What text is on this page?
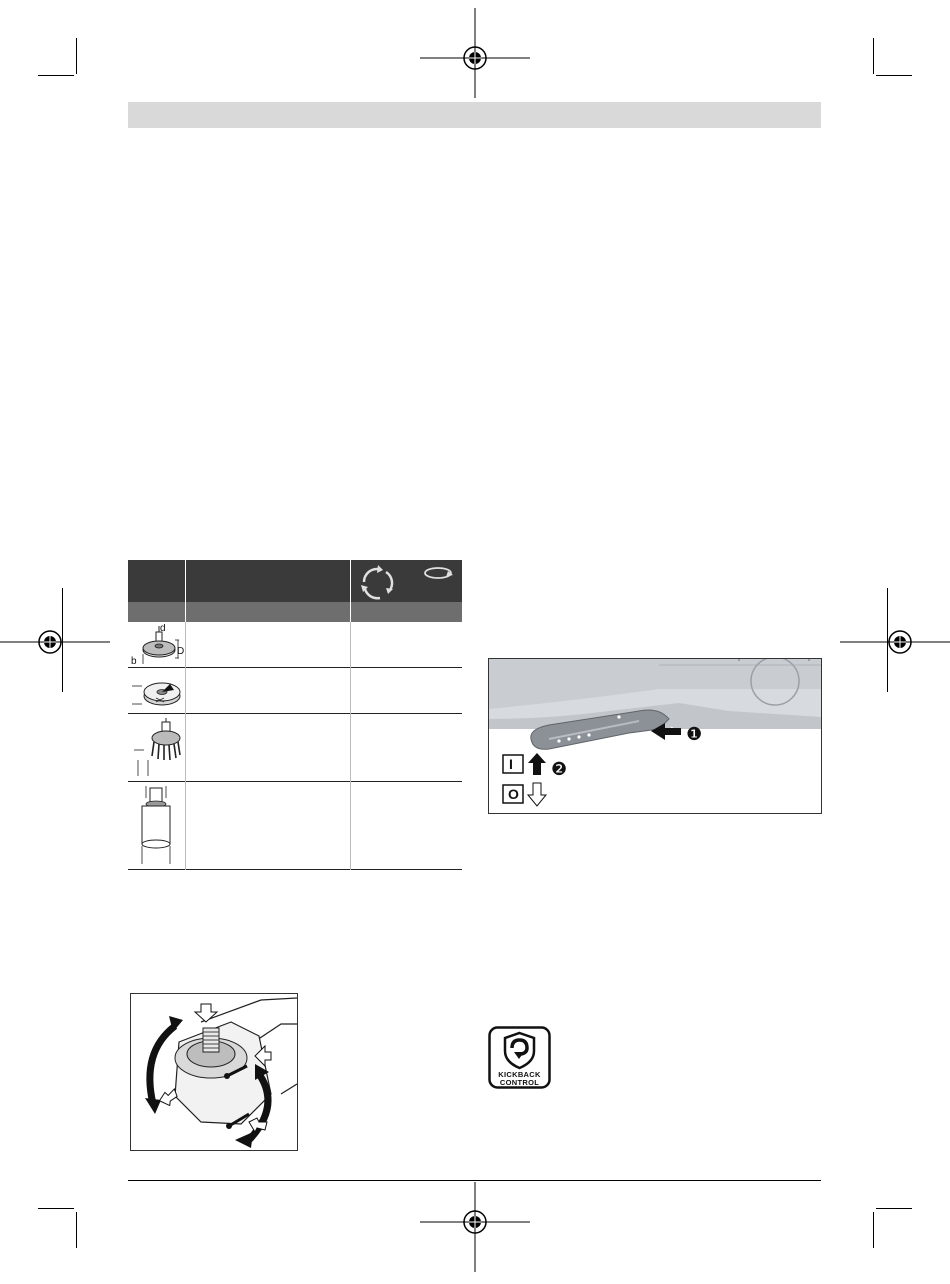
d
D
b
❶
I ❷
O
KICKBACK
CONTROL
